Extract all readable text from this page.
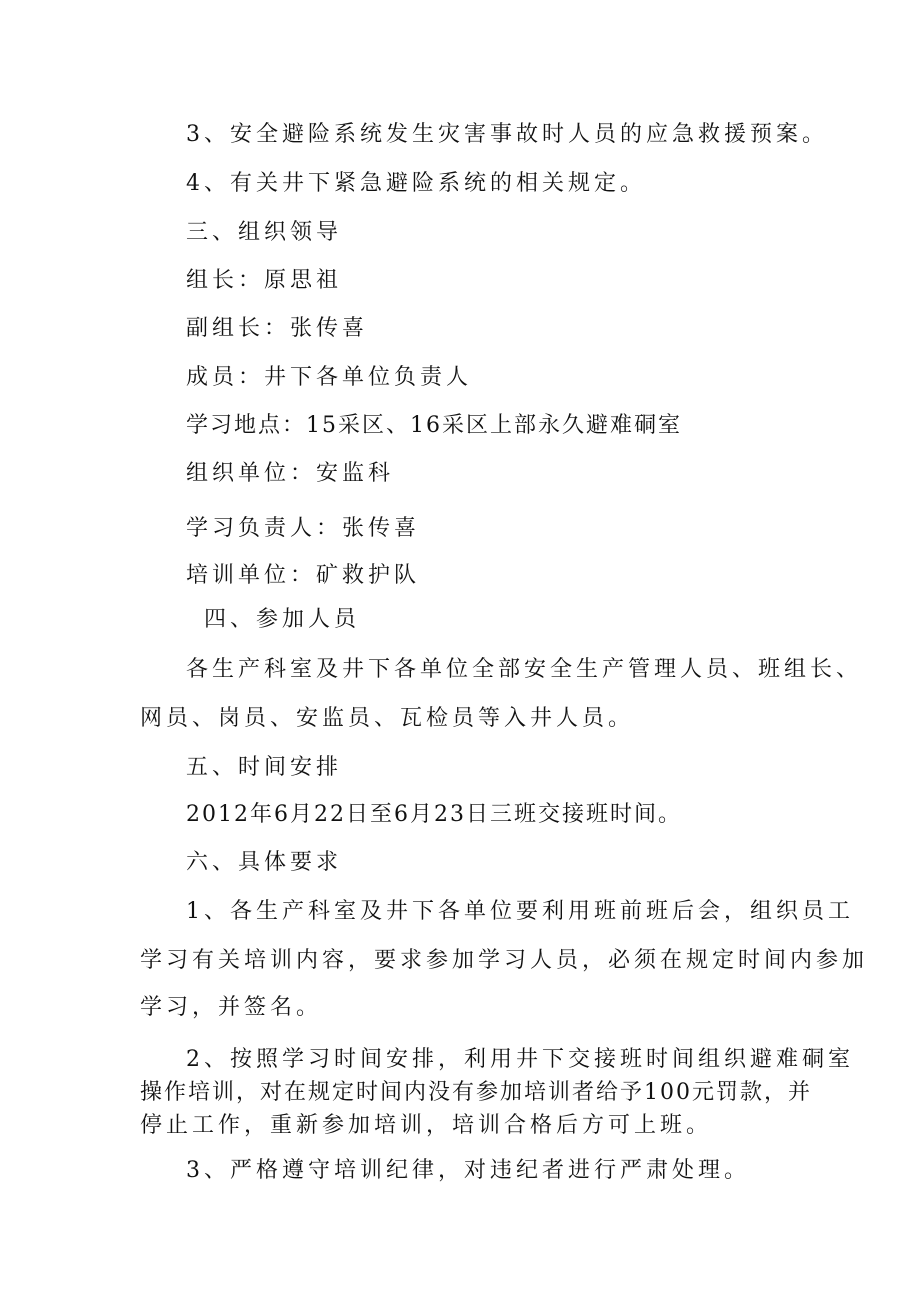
3、安全避险系统发生灾害事故时人员的应急救援预案。

4、有关井下紧急避险系统的相关规定。

三、组织领导

组长：原思祖

副组长：张传喜

成员：井下各单位负责人

学习地点：15采区、16采区上部永久避难硐室

组织单位：安监科

学习负责人：张传喜

培训单位：矿救护队

四、参加人员

各生产科室及井下各单位全部安全生产管理人员、班组长、

网员、岗员、安监员、瓦检员等入井人员。

五、时间安排

2012年6月22日至6月23日三班交接班时间。

六、具体要求

1、各生产科室及井下各单位要利用班前班后会，组织员工

学习有关培训内容，要求参加学习人员，必须在规定时间内参加

学习，并签名。

2、按照学习时间安排，利用井下交接班时间组织避难硐室

操作培训，对在规定时间内没有参加培训者给予100元罚款，并

停止工作，重新参加培训，培训合格后方可上班。

3、严格遵守培训纪律，对违纪者进行严肃处理。
